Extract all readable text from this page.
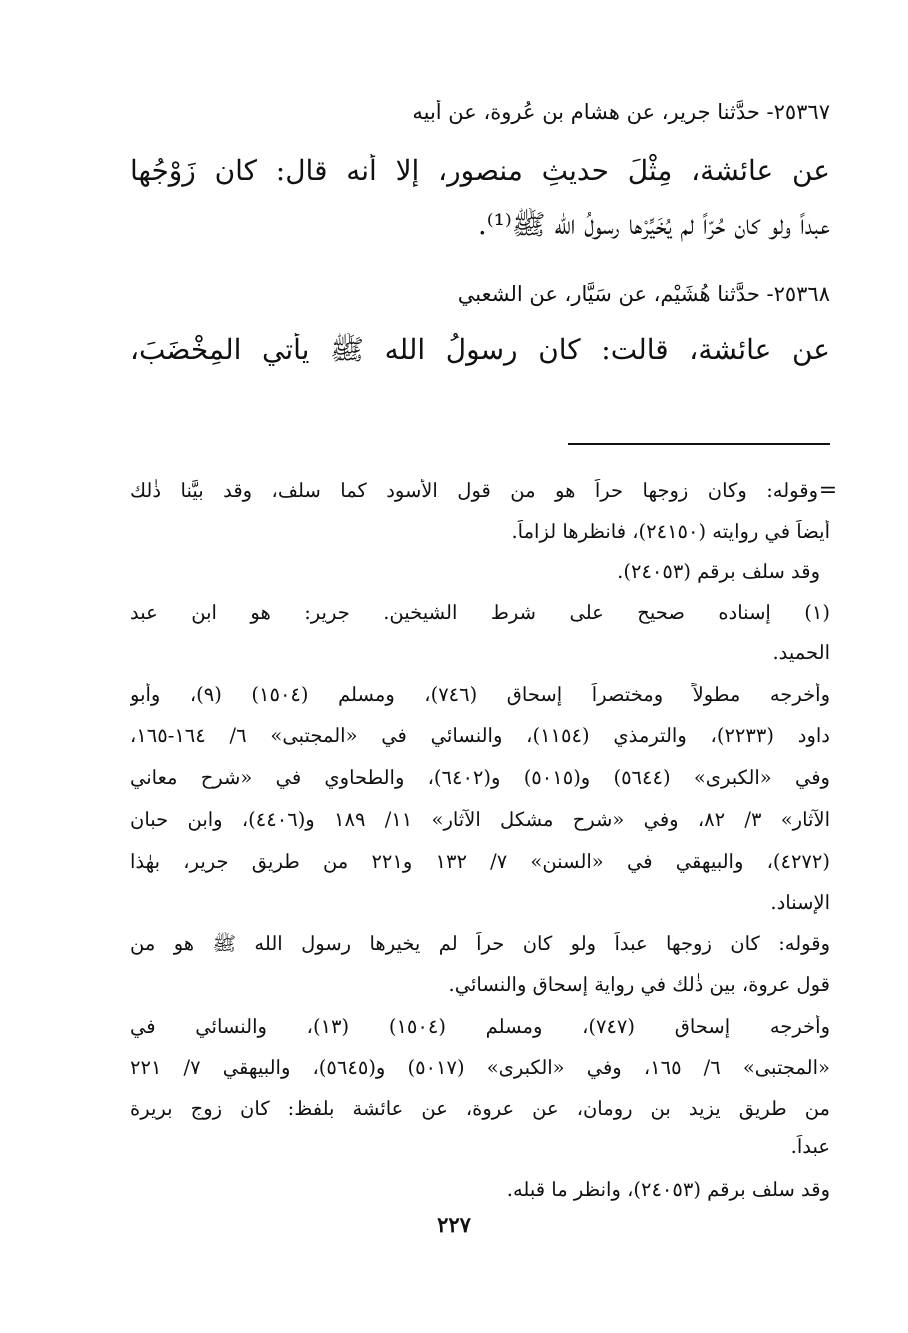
٢٥٣٦٧- حدَّثنا جرير، عن هشام بن عُروة، عن أبيه
عن عائشة، مِثْلَ حديثِ منصور، إلا أنه قال: كان زَوْجُها
عبداً ولو كان حُرّاً لم يُخَيِّرْها رسولُ الله ﷺ⁽¹⁾.
٢٥٣٦٨- حدَّثنا هُشَيْم، عن سَيَّار، عن الشعبي
عن عائشة، قالت: كان رسولُ الله ﷺ يأتي المِخْضَبَ،
=
وقوله: وكان زوجها حراً هو من قول الأسود كما سلف، وقد بيَّنا ذٰلك
أيضاً في روايته (٢٤١٥٠)، فانظرها لزاماً.
وقد سلف برقم (٢٤٠٥٣).
(١) إسناده صحيح على شرط الشيخين. جرير: هو ابن عبد
الحميد.
وأخرجه مطولاً ومختصراً إسحاق (٧٤٦)، ومسلم (١٥٠٤) (٩)، وأبو
داود (٢٢٣٣)، والترمذي (١١٥٤)، والنسائي في «المجتبى» ٦/ ١٦٤-١٦٥،
وفي «الكبرى» (٥٦٤٤) و(٥٠١٥) و(٦٤٠٢)، والطحاوي في «شرح معاني
الآثار» ٣/ ٨٢، وفي «شرح مشكل الآثار» ١١/ ١٨٩ و(٤٤٠٦)، وابن حبان
(٤٢٧٢)، والبيهقي في «السنن» ٧/ ١٣٢ و٢٢١ من طريق جرير، بهٰذا
الإسناد.
وقوله: كان زوجها عبداً ولو كان حراً لم يخيرها رسول الله ﷺ هو من
قول عروة، بين ذٰلك في رواية إسحاق والنسائي.
وأخرجه إسحاق (٧٤٧)، ومسلم (١٥٠٤) (١٣)، والنسائي في
«المجتبى» ٦/ ١٦٥، وفي «الكبرى» (٥٠١٧) و(٥٦٤٥)، والبيهقي ٧/ ٢٢١
من طريق يزيد بن رومان، عن عروة، عن عائشة بلفظ: كان زوج بريرة
عبداً.
وقد سلف برقم (٢٤٠٥٣)، وانظر ما قبله.
٢٢٧
